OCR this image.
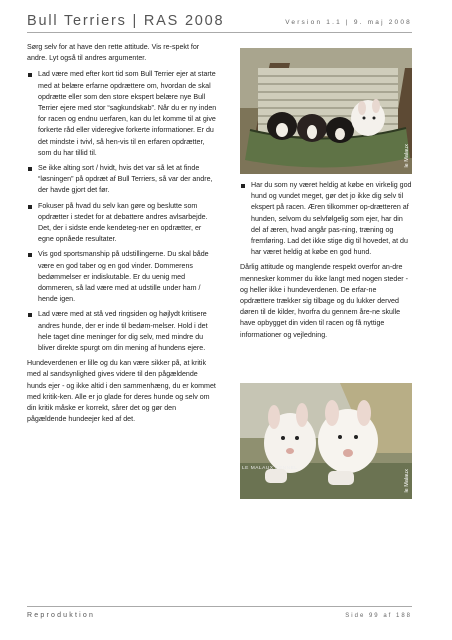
Bull Terriers | RAS 2008	Version 1.1 | 9. maj 2008

Sørg selv for at have den rette attitude. Vis re-spekt for andre. Lyt også til andres argumenter.

Lad være med efter kort tid som Bull Terrier ejer at starte med at belære erfarne opdrættere om, hvordan de skal opdrætte eller som den store ekspert belære nye Bull Terrier ejere med stor “sagkundskab”. Når du er ny inden for racen og endnu uerfaren, kan du let komme til at give forkerte råd eller videregive forkerte informationer. Er du det mindste i tvivl, så hen-vis til en erfaren opdrætter, som du har tillid til.
Se ikke alting sort / hvidt, hvis det var så let at finde “løsningen” på opdræt af Bull Terriers, så var der andre, der havde gjort det før.
Fokuser på hvad du selv kan gøre og beslutte som opdrætter i stedet for at debattere andres avlsarbejde. Det, der i sidste ende kendeteg-ner en opdrætter, er egne opnåede resultater.
Vis god sportsmanship på udstillingerne. Du skal både være en god taber og en god vinder. Dommerens bedømmelser er indiskutable. Er du uenig med dommeren, så lad være med at udstille under ham / hende igen.
Lad være med at stå ved ringsiden og højlydt kritisere andres hunde, der er inde til bedøm-melser. Hold i det hele taget dine meninger for dig selv, med mindre du bliver direkte spurgt om din mening af hundens ejere.

Hundeverdenen er lille og du kan være sikker på, at kritik med al sandsynlighed gives videre til den pågældende hunds ejer - og ikke altid i den sammenhæng, du er kommet med kritik-ken. Alle er jo glade for deres hunde og selv om din kritik måske er korrekt, sårer det og gør den pågældende hundeejer ked af det.

le Malaux
Har du som ny været heldig at købe en virkelig god hund og vundet meget, gør det jo ikke dig selv til ekspert på racen. Æren tilkommer op-drætteren af hunden, selvom du selvfølgelig som ejer, har din del af æren, hvad angår pas-ning, træning og fremføring. Lad det ikke stige dig til hovedet, at du har været heldig at købe en god hund.

Dårlig attitude og manglende respekt overfor an-dre mennesker kommer du ikke langt med nogen steder - og heller ikke i hundeverdenen. De erfar-ne opdrættere trækker sig tilbage og du lukker derved døren til de kilder, hvorfra du gennem åre-ne skulle have opbygget din viden til racen og få nyttige informationer og vejledning.

LE MALAUX KENNEL
le Malaux
Reproduktion	Side 99 af 188
